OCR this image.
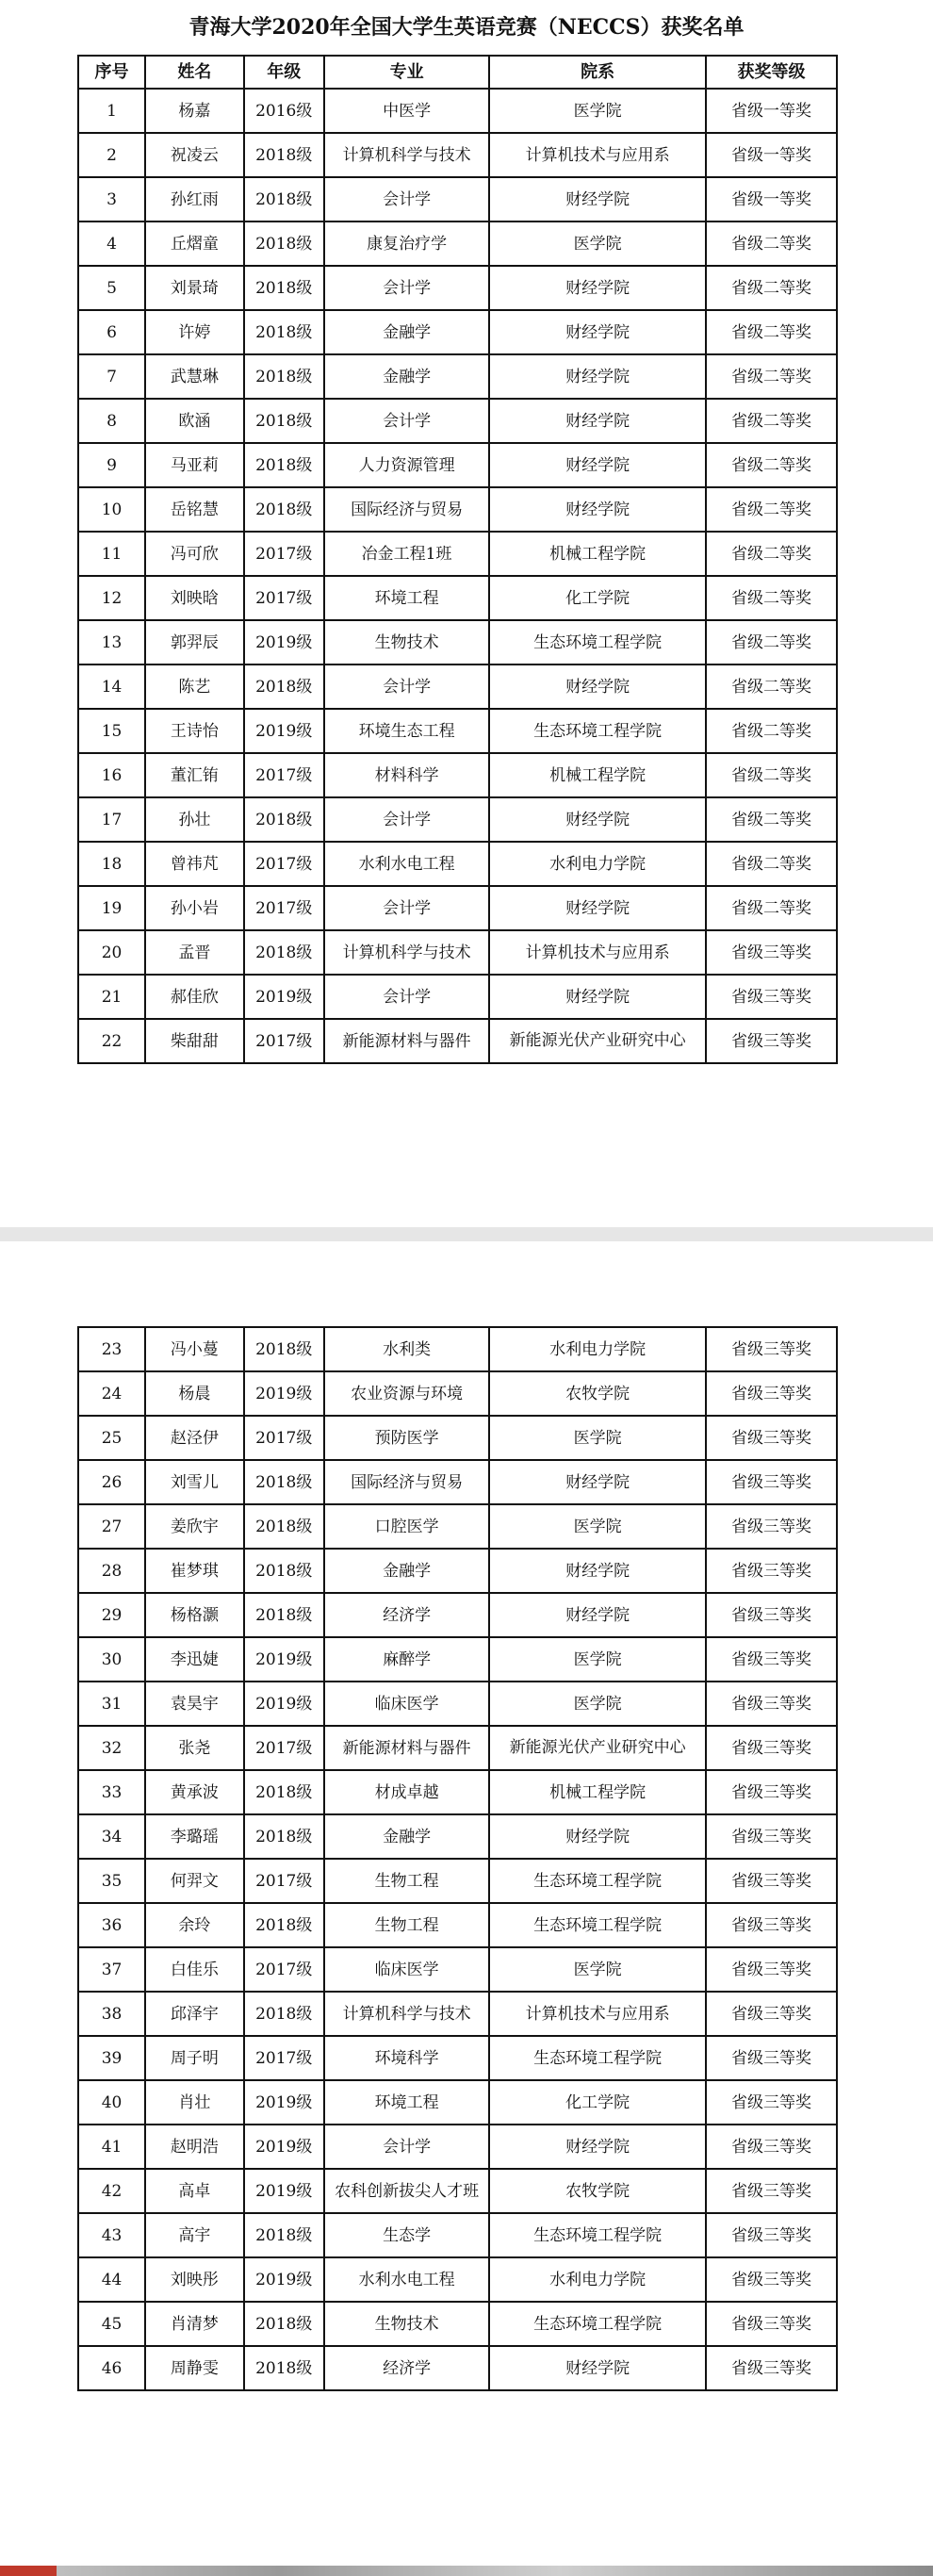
青海大学2020年全国大学生英语竞赛（NECCS）获奖名单
序号	姓名	年级	专业	院系	获奖等级
1	杨嘉	2016级	中医学	医学院	省级一等奖
2	祝凌云	2018级	计算机科学与技术	计算机技术与应用系	省级一等奖
3	孙红雨	2018级	会计学	财经学院	省级一等奖
4	丘熠童	2018级	康复治疗学	医学院	省级二等奖
5	刘景琦	2018级	会计学	财经学院	省级二等奖
6	许婷	2018级	金融学	财经学院	省级二等奖
7	武慧琳	2018级	金融学	财经学院	省级二等奖
8	欧涵	2018级	会计学	财经学院	省级二等奖
9	马亚莉	2018级	人力资源管理	财经学院	省级二等奖
10	岳铭慧	2018级	国际经济与贸易	财经学院	省级二等奖
11	冯可欣	2017级	冶金工程1班	机械工程学院	省级二等奖
12	刘映晗	2017级	环境工程	化工学院	省级二等奖
13	郭羿辰	2019级	生物技术	生态环境工程学院	省级二等奖
14	陈艺	2018级	会计学	财经学院	省级二等奖
15	王诗怡	2019级	环境生态工程	生态环境工程学院	省级二等奖
16	董汇铕	2017级	材料科学	机械工程学院	省级二等奖
17	孙壮	2018级	会计学	财经学院	省级二等奖
18	曾祎芃	2017级	水利水电工程	水利电力学院	省级二等奖
19	孙小岩	2017级	会计学	财经学院	省级二等奖
20	孟晋	2018级	计算机科学与技术	计算机技术与应用系	省级三等奖
21	郝佳欣	2019级	会计学	财经学院	省级三等奖
22	柴甜甜	2017级	新能源材料与器件	新能源光伏产业研究中心	省级三等奖
23	冯小蔓	2018级	水利类	水利电力学院	省级三等奖
24	杨晨	2019级	农业资源与环境	农牧学院	省级三等奖
25	赵泾伊	2017级	预防医学	医学院	省级三等奖
26	刘雪儿	2018级	国际经济与贸易	财经学院	省级三等奖
27	姜欣宇	2018级	口腔医学	医学院	省级三等奖
28	崔梦琪	2018级	金融学	财经学院	省级三等奖
29	杨格灏	2018级	经济学	财经学院	省级三等奖
30	李迅婕	2019级	麻醉学	医学院	省级三等奖
31	袁昊宇	2019级	临床医学	医学院	省级三等奖
32	张尧	2017级	新能源材料与器件	新能源光伏产业研究中心	省级三等奖
33	黄承波	2018级	材成卓越	机械工程学院	省级三等奖
34	李璐瑶	2018级	金融学	财经学院	省级三等奖
35	何羿文	2017级	生物工程	生态环境工程学院	省级三等奖
36	余玲	2018级	生物工程	生态环境工程学院	省级三等奖
37	白佳乐	2017级	临床医学	医学院	省级三等奖
38	邱泽宇	2018级	计算机科学与技术	计算机技术与应用系	省级三等奖
39	周子明	2017级	环境科学	生态环境工程学院	省级三等奖
40	肖壮	2019级	环境工程	化工学院	省级三等奖
41	赵明浩	2019级	会计学	财经学院	省级三等奖
42	高卓	2019级	农科创新拔尖人才班	农牧学院	省级三等奖
43	高宇	2018级	生态学	生态环境工程学院	省级三等奖
44	刘映彤	2019级	水利水电工程	水利电力学院	省级三等奖
45	肖清梦	2018级	生物技术	生态环境工程学院	省级三等奖
46	周静雯	2018级	经济学	财经学院	省级三等奖
